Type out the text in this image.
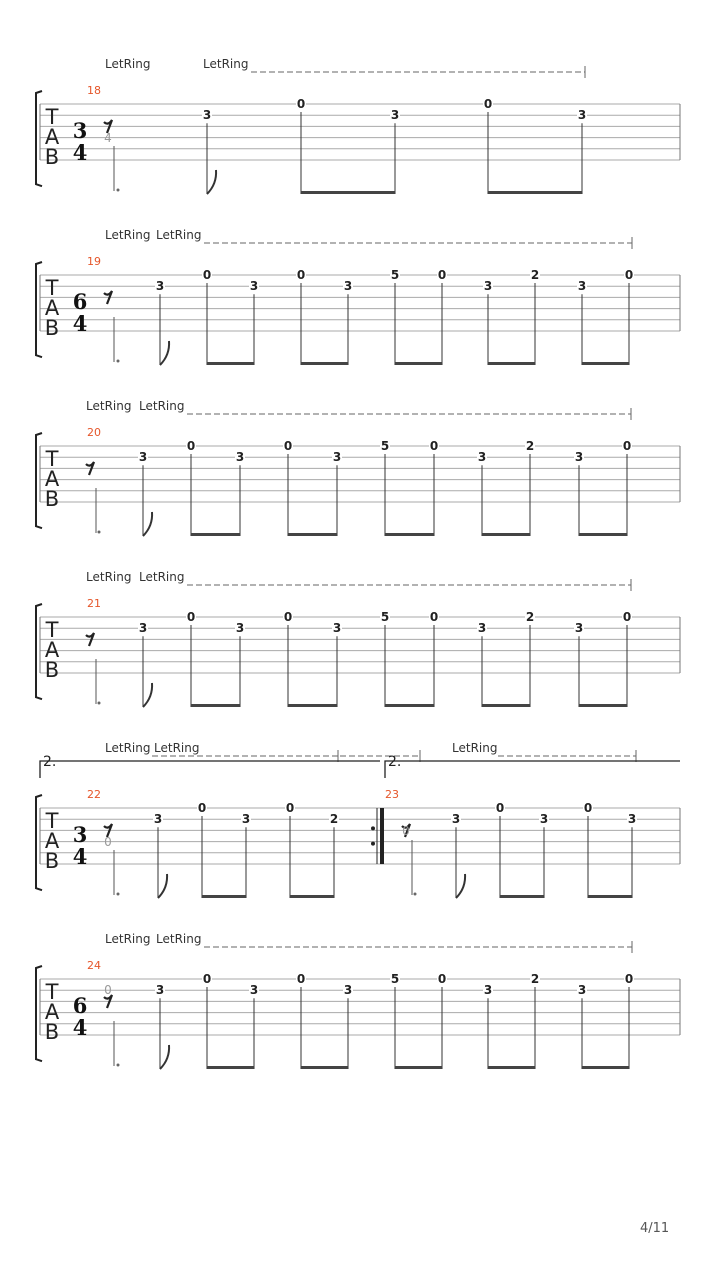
T
A
B
3
4
18
LetRing	LetRing
4
3
0
3
0
3
T
A
B
6
4
19
LetRing LetRing
3
0
3
0
3
5	0
3
2
3
0
T
A
B
20
LetRing LetRing
3
0
3
0
3
5	0
3
2
3
0
T
A
B
21
LetRing LetRing
3
0
3
0
3
5	0
3
2
3
0
T
A
B
3
4
22	23
LetRing LetRing	LetRing
2.	2.
0
3
0
3
0
2
0
3
0
3
0
3
T
A
B
6
4
24
LetRing LetRing
0	3
0
3
0
3
5	0
3
2
3
0
4/11
